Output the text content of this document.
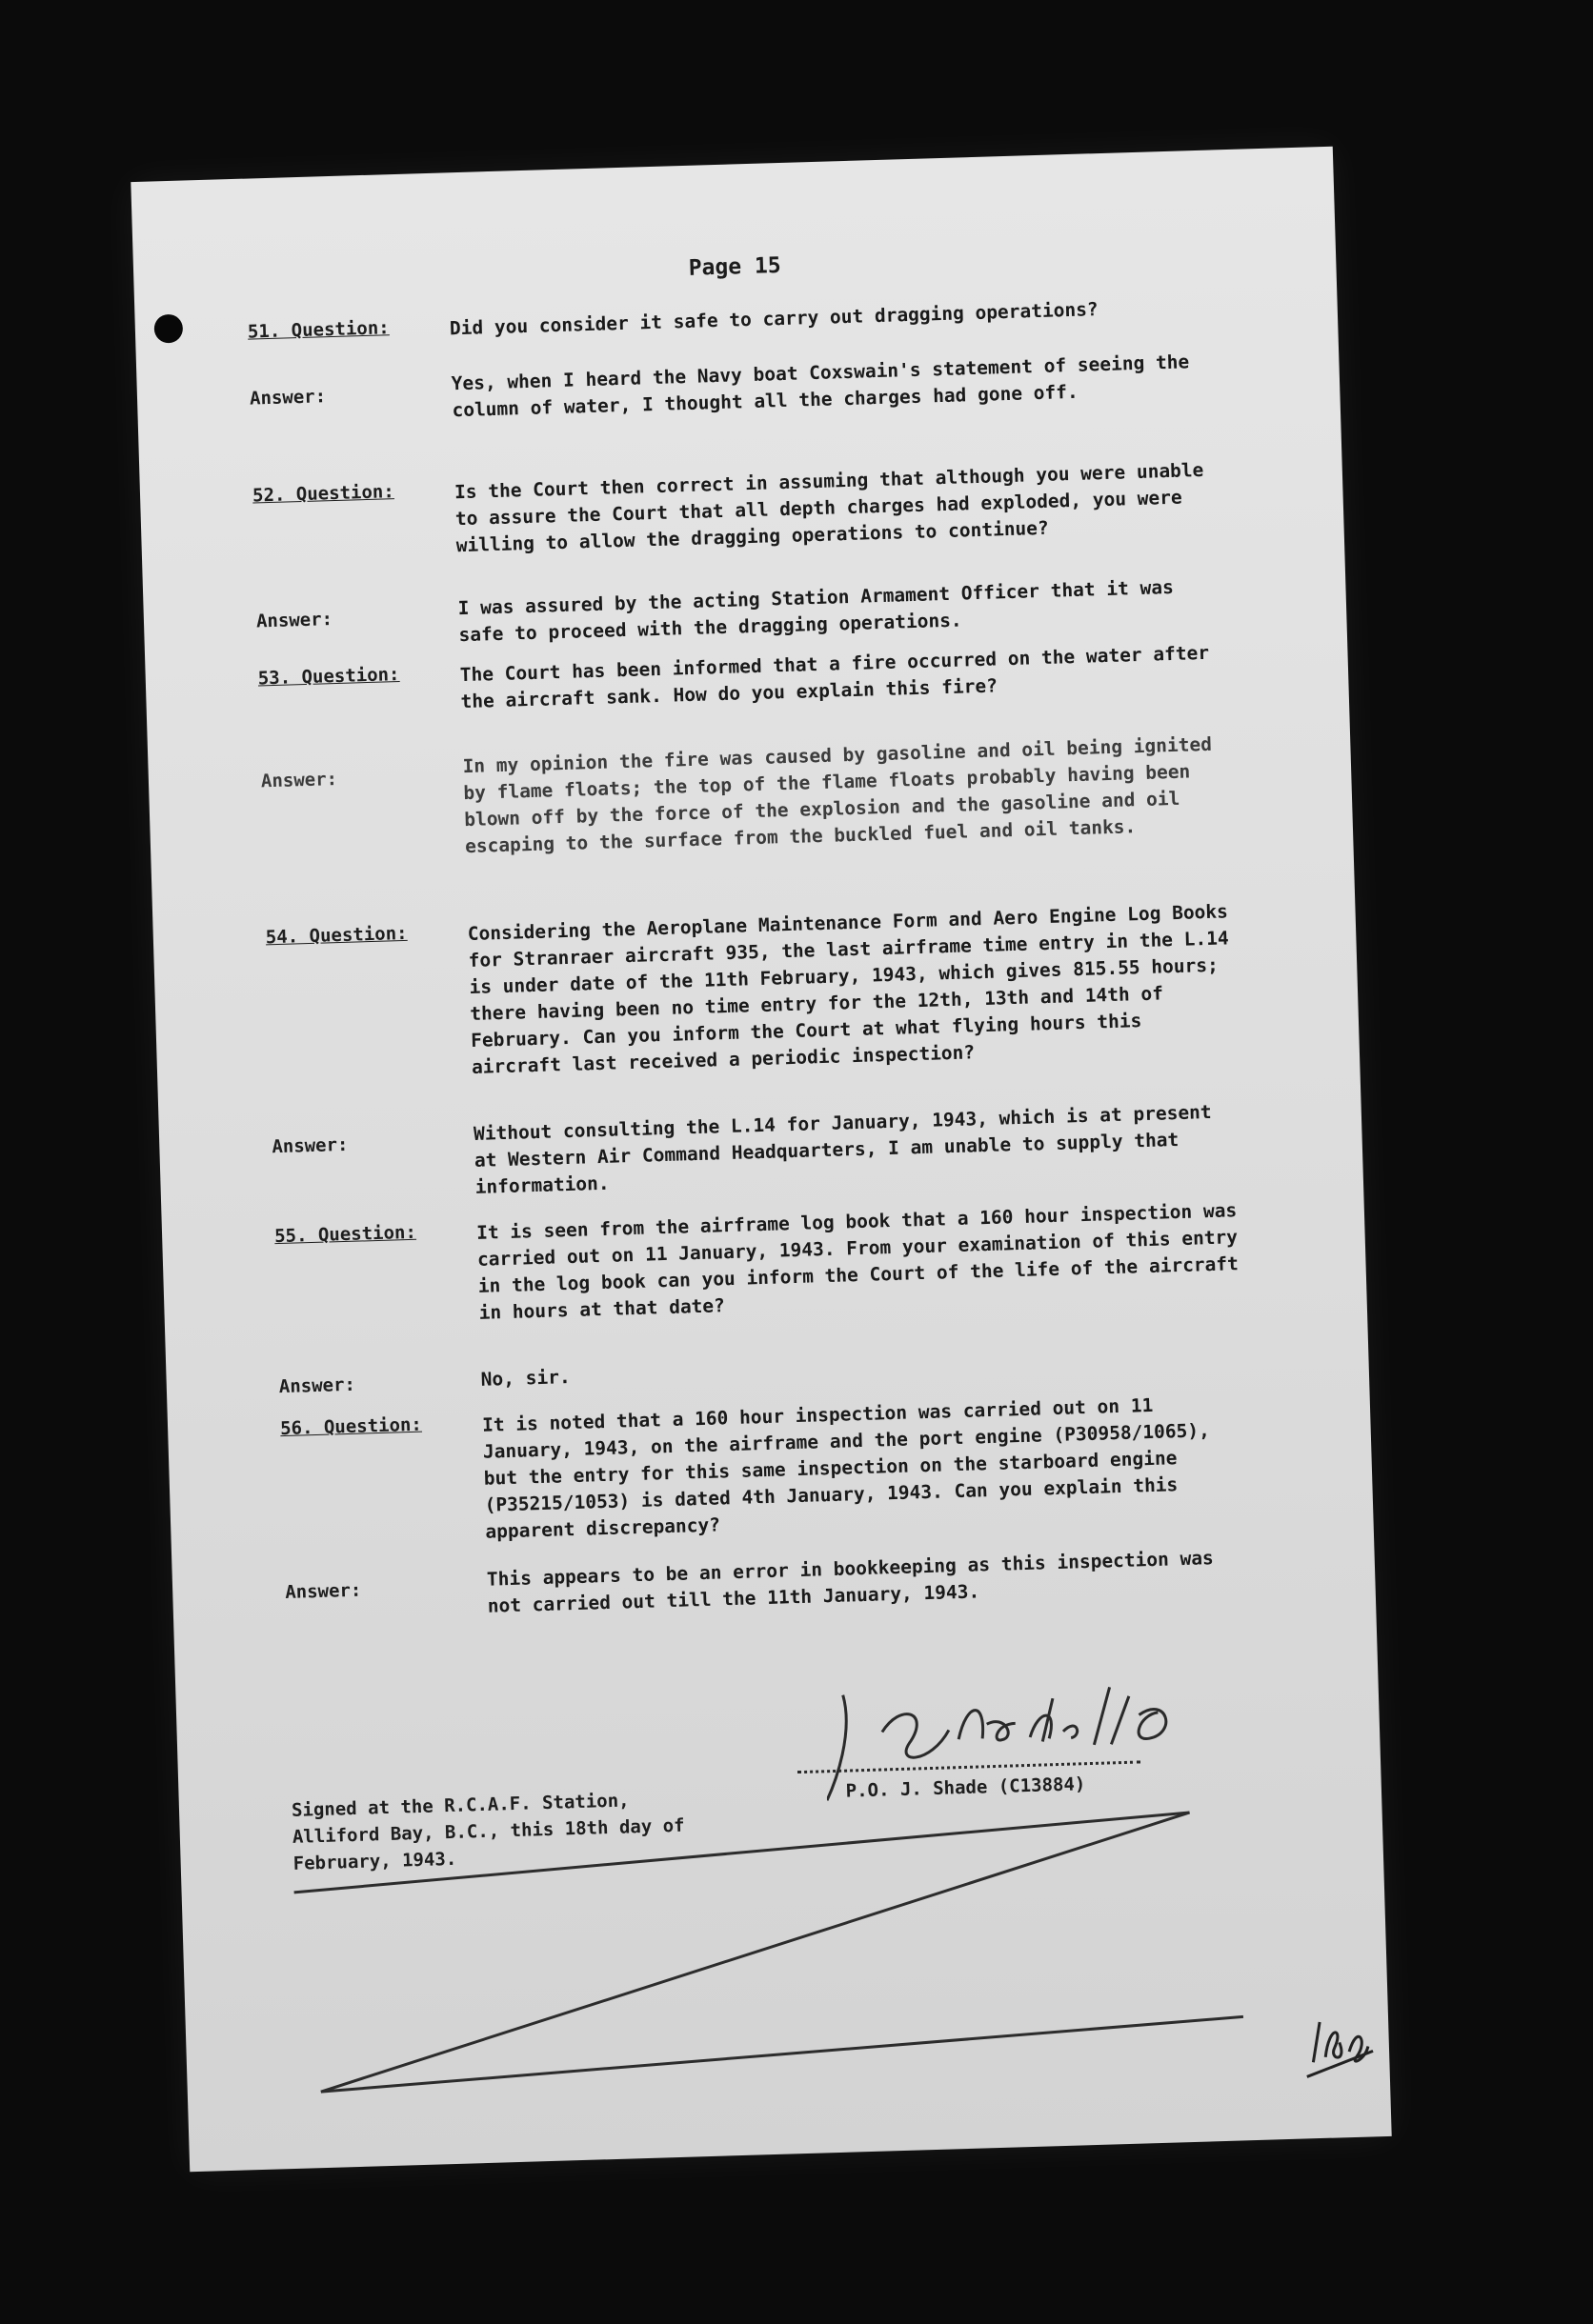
Page 15
51. Question:	Did you consider it safe to carry out dragging operations?
Answer:
Yes, when I heard the Navy boat Coxswain's statement of seeing the column of water, I thought all the charges had gone off.
52. Question:	Is the Court then correct in assuming that although you were unable to assure the Court that all depth charges had exploded, you were willing to allow the dragging operations to continue?
Answer:
I was assured by the acting Station Armament Officer that it was safe to proceed with the dragging operations.
53. Question:	The Court has been informed that a fire occurred on the water after the aircraft sank. How do you explain this fire?
Answer:
In my opinion the fire was caused by gasoline and oil being ignited by flame floats; the top of the flame floats probably having been blown off by the force of the explosion and the gasoline and oil escaping to the surface from the buckled fuel and oil tanks.
54. Question:	Considering the Aeroplane Maintenance Form and Aero Engine Log Books for Stranraer aircraft 935, the last airframe time entry in the L.14 is under date of the 11th February, 1943, which gives 815.55 hours; there having been no time entry for the 12th, 13th and 14th of February. Can you inform the Court at what flying hours this aircraft last received a periodic inspection?
Answer:
Without consulting the L.14 for January, 1943, which is at present at Western Air Command Headquarters, I am unable to supply that information.
55. Question:	It is seen from the airframe log book that a 160 hour inspection was carried out on 11 January, 1943. From your examination of this entry in the log book can you inform the Court of the life of the aircraft in hours at that date?
Answer:	No, sir.
56. Question:	It is noted that a 160 hour inspection was carried out on 11 January, 1943, on the airframe and the port engine (P30958/1065), but the entry for this same inspection on the starboard engine (P35215/1053) is dated 4th January, 1943. Can you explain this apparent discrepancy?
Answer:
This appears to be an error in bookkeeping as this inspection was not carried out till the 11th January, 1943.
P.O. J. Shade (C13884)
Signed at the R.C.A.F. Station, Alliford Bay, B.C., this 18th day of February, 1943.
